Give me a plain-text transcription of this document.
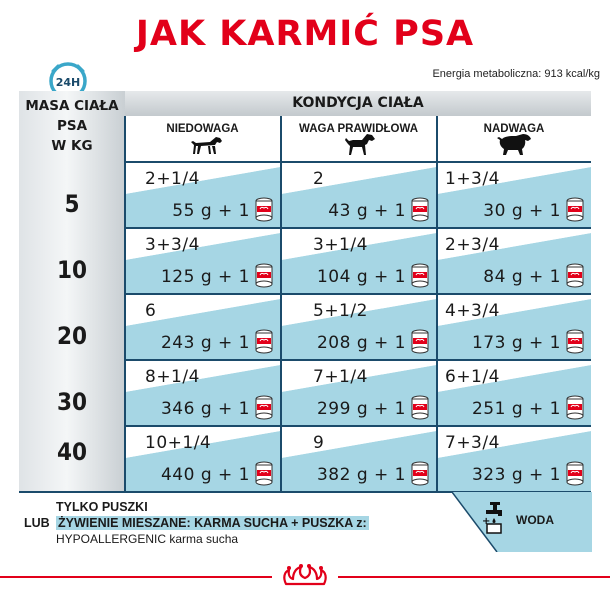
JAK KARMIĆ PSA
24H
Energia metaboliczna: 913 kcal/kg
MASA CIAŁA
PSA
W KG
5
10
20
30
40
KONDYCJA CIAŁA
NIEDOWAGA	WAGA PRAWIDŁOWA	NADWAGA
2+1/4
55 g + 1
2
43 g + 1
1+3/4
30 g + 1
3+3/4
125 g + 1
3+1/4
104 g + 1
2+3/4
84 g + 1
6
243 g + 1
5+1/2
208 g + 1
4+3/4
173 g + 1
8+1/4
346 g + 1
7+1/4
299 g + 1
6+1/4
251 g + 1
10+1/4
440 g + 1
9
382 g + 1
7+3/4
323 g + 1
TYLKO PUSZKI
LUB ŻYWIENIE MIESZANE: KARMA SUCHA + PUSZKA z:
HYPOALLERGENIC karma sucha
+ WODA
